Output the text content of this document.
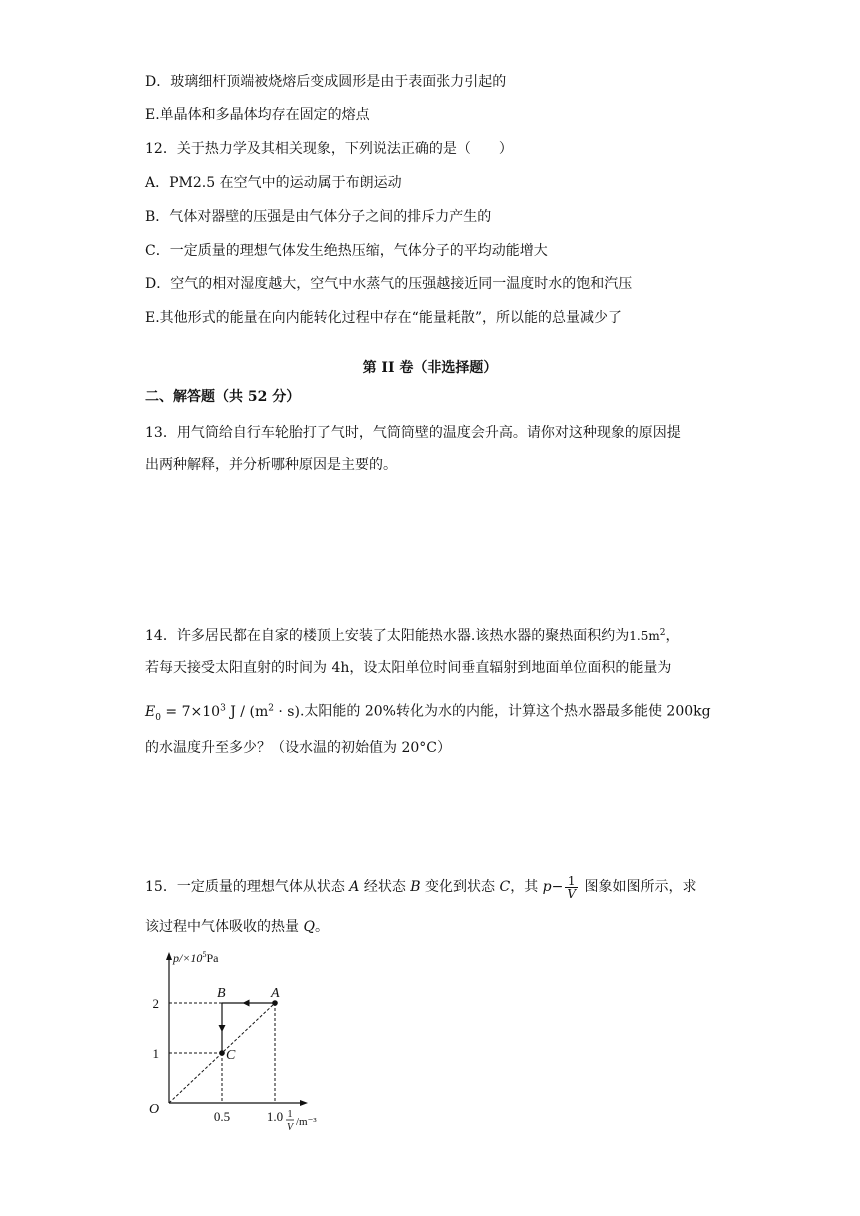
D．玻璃细杆顶端被烧熔后变成圆形是由于表面张力引起的
E.单晶体和多晶体均存在固定的熔点
12．关于热力学及其相关现象，下列说法正确的是（　　）
A．PM2.5 在空气中的运动属于布朗运动
B．气体对器壁的压强是由气体分子之间的排斥力产生的
C．一定质量的理想气体发生绝热压缩，气体分子的平均动能增大
D．空气的相对湿度越大，空气中水蒸气的压强越接近同一温度时水的饱和汽压
E.其他形式的能量在向内能转化过程中存在“能量耗散”，所以能的总量减少了
第 II 卷（非选择题）
二、解答题（共 52 分）
13．用气筒给自行车轮胎打了气时，气筒筒壁的温度会升高。请你对这种现象的原因提
出两种解释，并分析哪种原因是主要的。
14．许多居民都在自家的楼顶上安装了太阳能热水器.该热水器的聚热面积约为$1.5m^2$，
若每天接受太阳直射的时间为 4h，设太阳单位时间垂直辐射到地面单位面积的能量为
$E_0 = 7\times 10^3$ $J / (m^2 \cdot s)$.太阳能的 20%转化为水的内能，计算这个热水器最多能使 200kg
的水温度升至多少？（设水温的初始值为 20°C）
15．一定质量的理想气体从状态 A 经状态 B 变化到状态 C，其 $p- \frac{1}{V}$ 图象如图所示，求
该过程中气体吸收的热量 Q。
A
B
C
0.5	1.0
1
2
O
$p/\times 10^5Pa$
1
V /m⁻³
